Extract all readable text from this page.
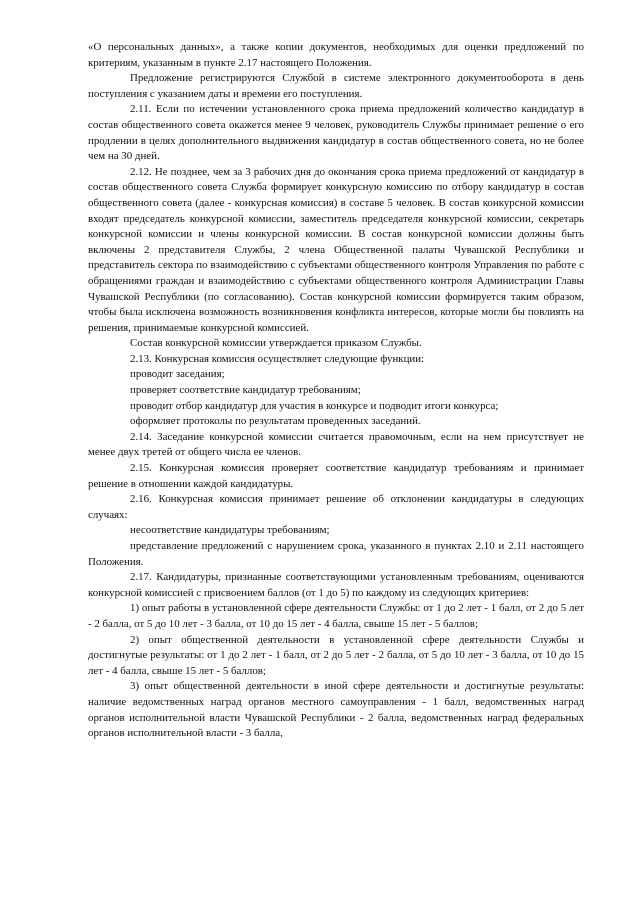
«О персональных данных», а также копии документов, необходимых для оценки предложений по критериям, указанным в пункте 2.17 настоящего Положения.

Предложение регистрируются Службой в системе электронного документооборота в день поступления с указанием даты и времени его поступления.

2.11. Если по истечении установленного срока приема предложений количество кандидатур в состав общественного совета окажется менее 9 человек, руководитель Службы принимает решение о его продлении в целях дополнительного выдвижения кандидатур в состав общественного совета, но не более чем на 30 дней.

2.12. Не позднее, чем за 3 рабочих дня до окончания срока приема предложений от кандидатур в состав общественного совета Служба формирует конкурсную комиссию по отбору кандидатур в состав общественного совета (далее - конкурсная комиссия) в составе 5 человек. В состав конкурсной комиссии входят председатель конкурсной комиссии, заместитель председателя конкурсной комиссии, секретарь конкурсной комиссии и члены конкурсной комиссии. В состав конкурсной комиссии должны быть включены 2 представителя Службы, 2 члена Общественной палаты Чувашской Республики и представитель сектора по взаимодействию с субъектами общественного контроля Управления по работе с обращениями граждан и взаимодействию с субъектами общественного контроля Администрации Главы Чувашской Республики (по согласованию). Состав конкурсной комиссии формируется таким образом, чтобы была исключена возможность возникновения конфликта интересов, которые могли бы повлиять на решения, принимаемые конкурсной комиссией.

Состав конкурсной комиссии утверждается приказом Службы.

2.13. Конкурсная комиссия осуществляет следующие функции:

проводит заседания;

проверяет соответствие кандидатур требованиям;

проводит отбор кандидатур для участия в конкурсе и подводит итоги конкурса;

оформляет протоколы по результатам проведенных заседаний.

2.14. Заседание конкурсной комиссии считается правомочным, если на нем присутствует не менее двух третей от общего числа ее членов.

2.15. Конкурсная комиссия проверяет соответствие кандидатур требованиям и принимает решение в отношении каждой кандидатуры.

2.16. Конкурсная комиссия принимает решение об отклонении кандидатуры в следующих случаях:

несоответствие кандидатуры требованиям;

представление предложений с нарушением срока, указанного в пунктах 2.10 и 2.11 настоящего Положения.

2.17. Кандидатуры, признанные соответствующими установленным требованиям, оцениваются конкурсной комиссией с присвоением баллов (от 1 до 5) по каждому из следующих критериев:

1) опыт работы в установленной сфере деятельности Службы: от 1 до 2 лет - 1 балл, от 2 до 5 лет - 2 балла, от 5 до 10 лет - 3 балла, от 10 до 15 лет - 4 балла, свыше 15 лет - 5 баллов;

2) опыт общественной деятельности в установленной сфере деятельности Службы и достигнутые результаты: от 1 до 2 лет - 1 балл, от 2 до 5 лет - 2 балла, от 5 до 10 лет - 3 балла, от 10 до 15 лет - 4 балла, свыше 15 лет - 5 баллов;

3) опыт общественной деятельности в иной сфере деятельности и достигнутые результаты: наличие ведомственных наград органов местного самоуправления - 1 балл, ведомственных наград органов исполнительной власти Чувашской Республики - 2 балла, ведомственных наград федеральных органов исполнительной власти - 3 балла,
